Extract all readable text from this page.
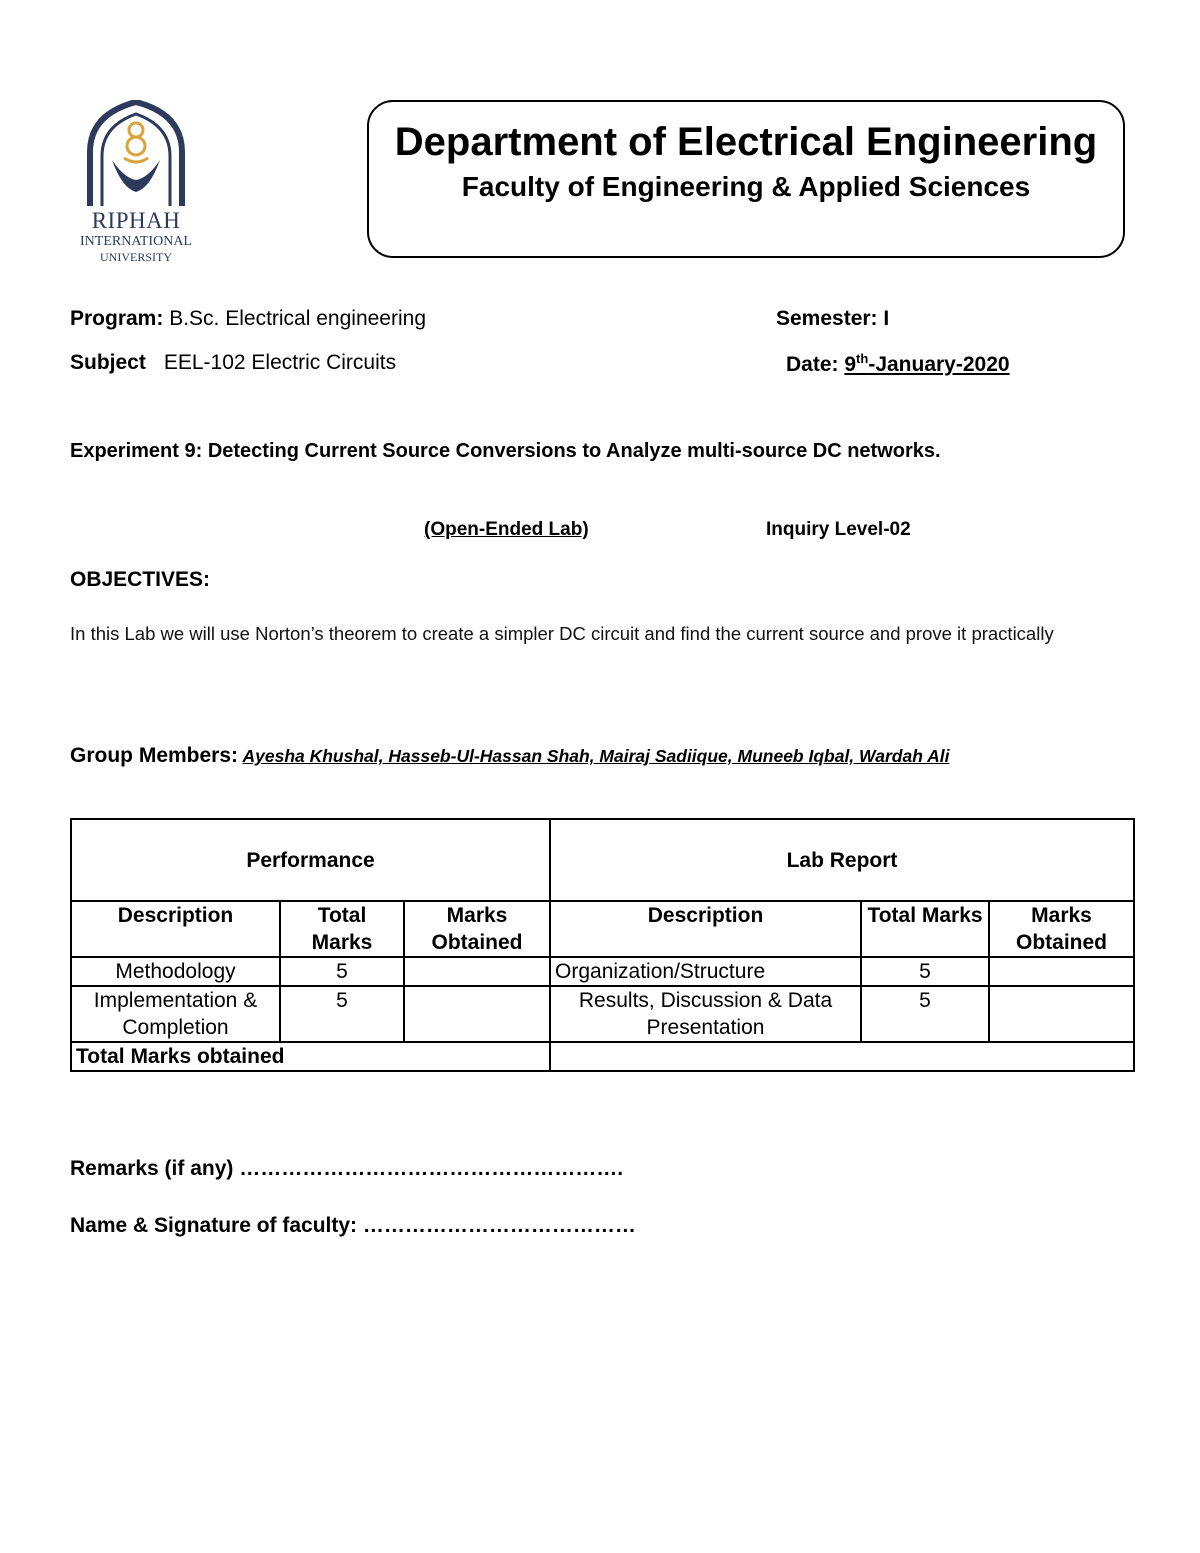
RIPHAH
INTERNATIONAL
UNIVERSITY
Department of Electrical Engineering
Faculty of Engineering & Applied Sciences
Program: B.Sc. Electrical engineering	Semester: I
Subject EEL-102 Electric Circuits	Date: 9th-January-2020
Experiment 9: Detecting Current Source Conversions to Analyze multi-source DC networks.
(Open-Ended Lab)	Inquiry Level-02
OBJECTIVES:
In this Lab we will use Norton’s theorem to create a simpler DC circuit and find the current source and prove it practically
Group Members: Ayesha Khushal, Hasseb-Ul-Hassan Shah, Mairaj Sadiique, Muneeb Iqbal, Wardah Ali
Performance			Lab Report		
Description	Total Marks	Marks Obtained	Description	Total Marks	Marks Obtained
Methodology	5		Organization/Structure	5	
Implementation & Completion	5		Results, Discussion & Data Presentation	5	
Total Marks obtained					
Remarks (if any) ……………………………………………….
Name & Signature of faculty: …………………………………
